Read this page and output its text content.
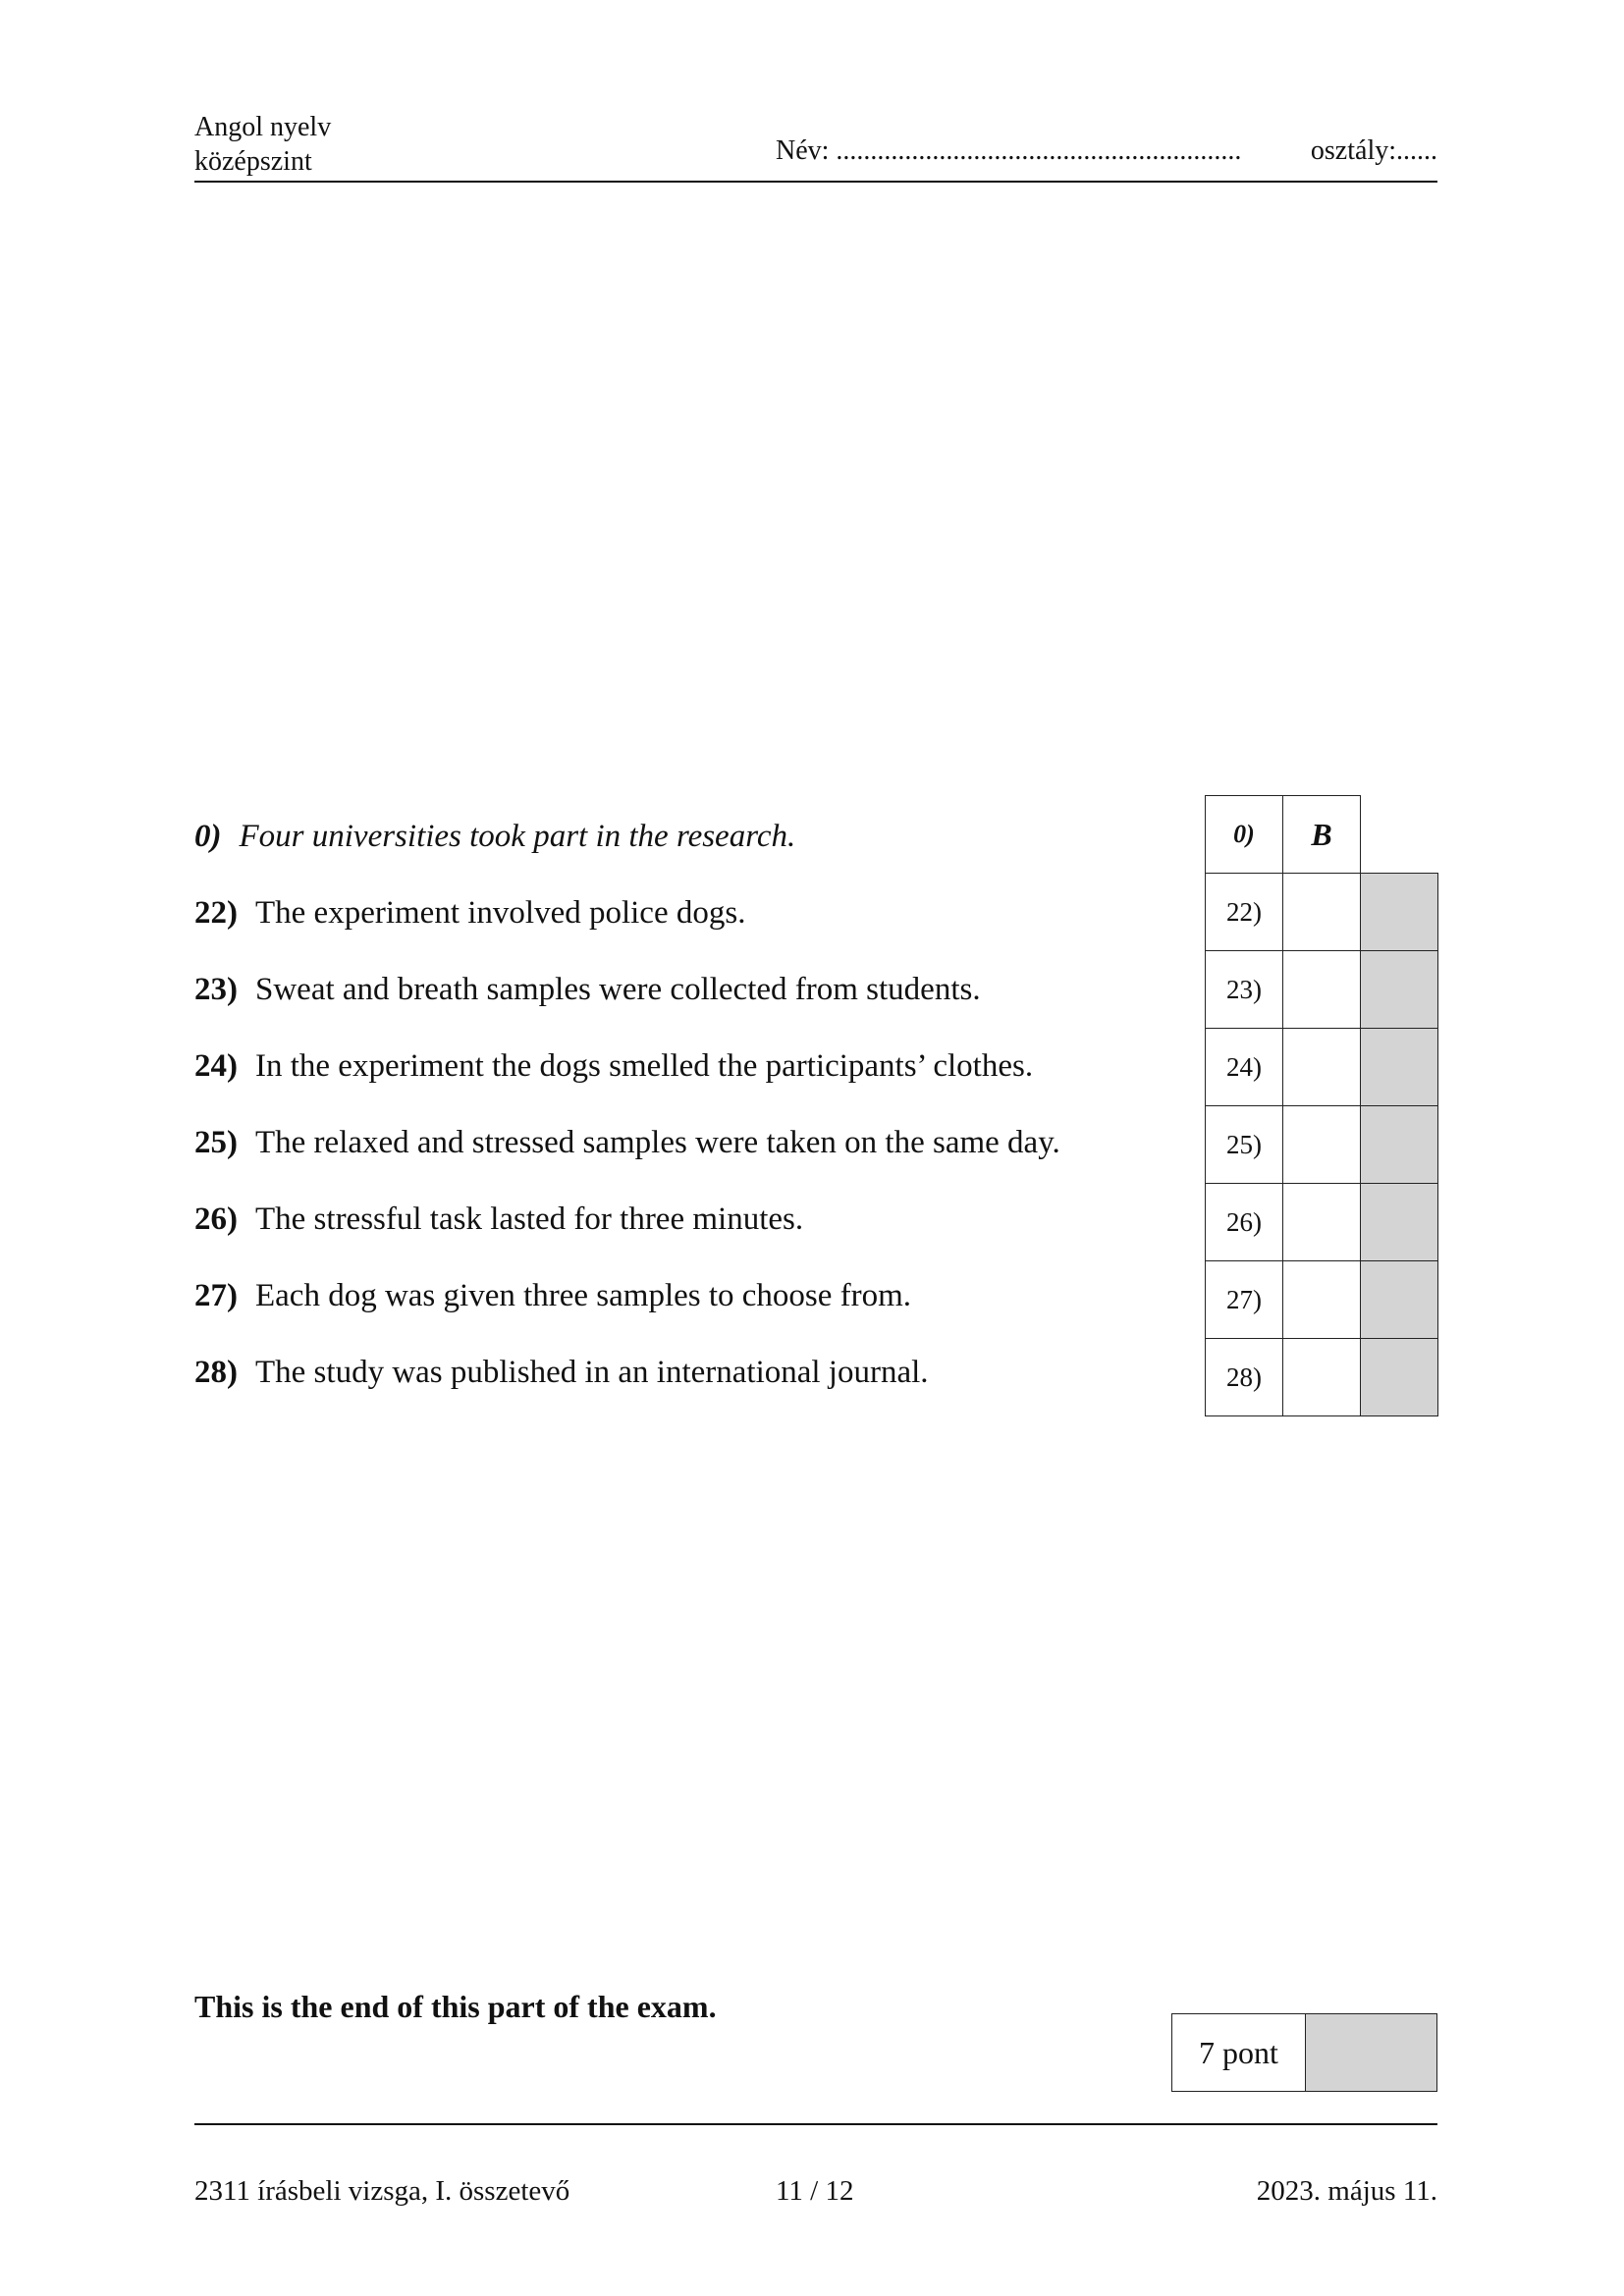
Angol nyelv
középszint	Név: ...........................................................	osztály:......
0) Four universities took part in the research.
22) The experiment involved police dogs.
23) Sweat and breath samples were collected from students.
24) In the experiment the dogs smelled the participants’ clothes.
25) The relaxed and stressed samples were taken on the same day.
26) The stressful task lasted for three minutes.
27) Each dog was given three samples to choose from.
28) The study was published in an international journal.
0)	B
22)
23)
24)
25)
26)
27)
28)
This is the end of this part of the exam.
7 pont
2311 írásbeli vizsga, I. összetevő	11 / 12	2023. május 11.
